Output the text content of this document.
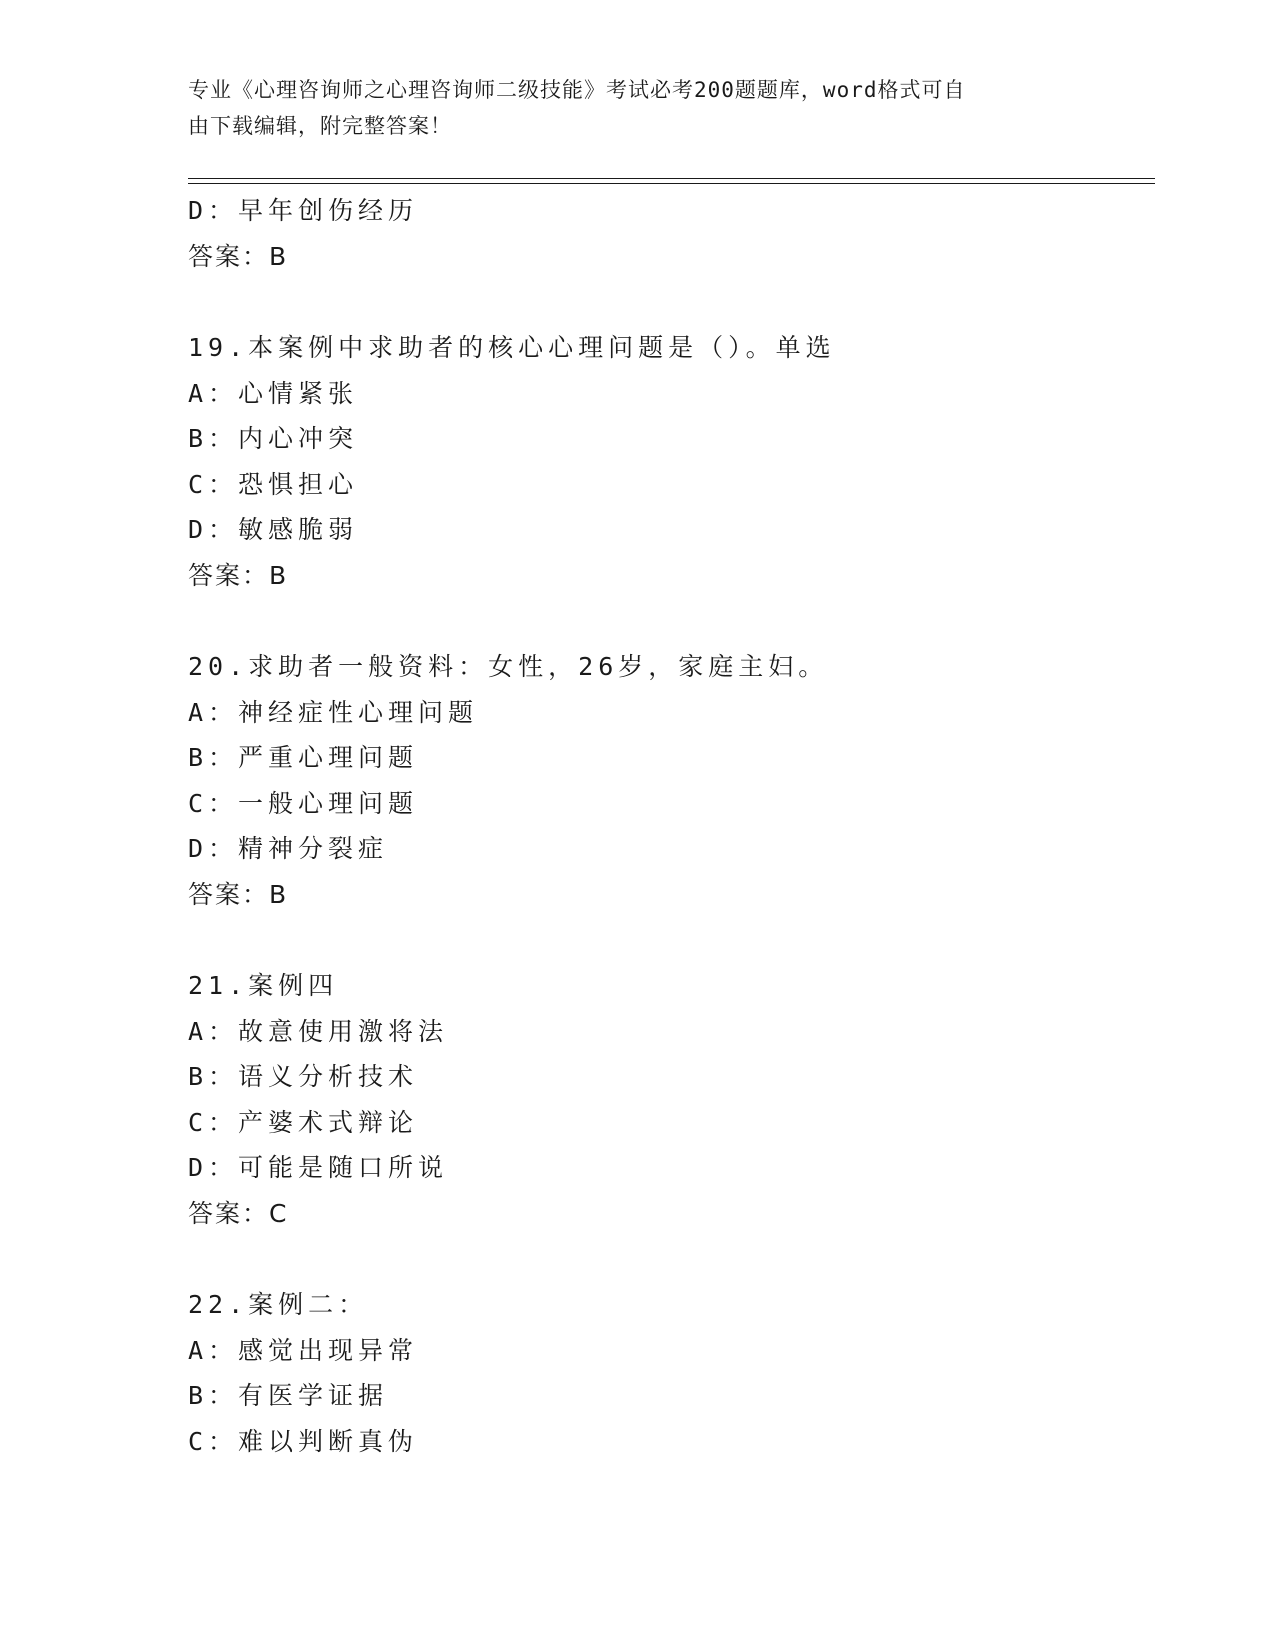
专业《心理咨询师之心理咨询师二级技能》考试必考200题题库，word格式可自
由下载编辑，附完整答案！
D：早年创伤经历
答案：B
19.本案例中求助者的核心心理问题是（）。单选
A：心情紧张
B：内心冲突
C：恐惧担心
D：敏感脆弱
答案：B
20.求助者一般资料：女性，26岁，家庭主妇。
A：神经症性心理问题
B：严重心理问题
C：一般心理问题
D：精神分裂症
答案：B
21.案例四
A：故意使用激将法
B：语义分析技术
C：产婆术式辩论
D：可能是随口所说
答案：C
22.案例二：
A：感觉出现异常
B：有医学证据
C：难以判断真伪
